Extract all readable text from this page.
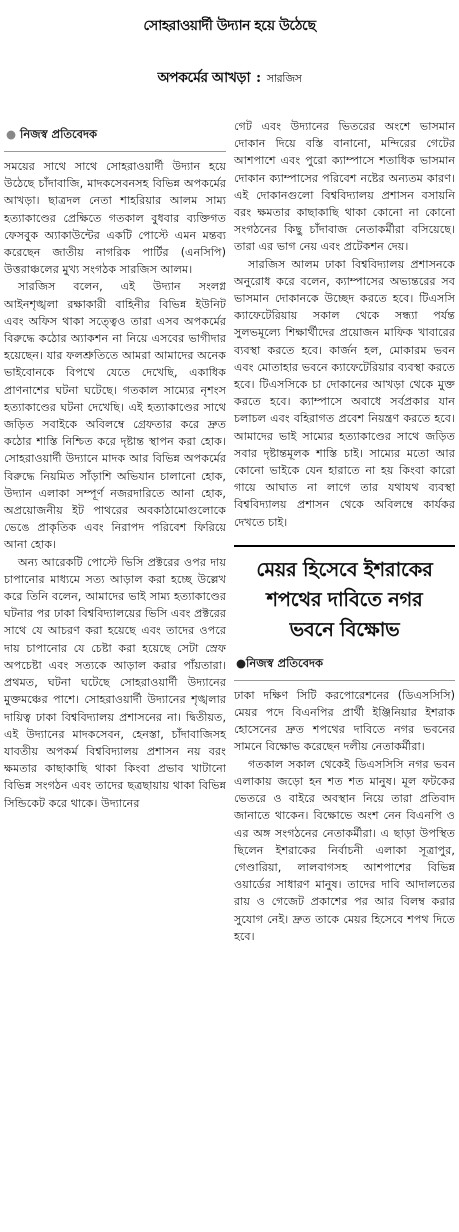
সোহরাওয়ার্দী উদ্যান হয়ে উঠেছে
অপকর্মের আখড়া : সারজিস
● নিজস্ব প্রতিবেদক

সময়ের সাথে সাথে সোহরাওয়ার্দী উদ্যান হয়ে উঠেছে চাঁদাবাজি, মাদকসেবনসহ বিভিন্ন অপকর্মের আখড়া। ছাত্রদল নেতা শাহরিয়ার আলম সাম্য হত্যাকাণ্ডের প্রেক্ষিতে গতকাল বুধবার ব্যক্তিগত ফেসবুক অ্যাকাউন্টের একটি পোস্টে এমন মন্তব্য করেছেন জাতীয় নাগরিক পার্টির (এনসিপি) উত্তরাঞ্চলের মুখ্য সংগঠক সারজিস আলম।

সারজিস বলেন, এই উদ্যান সংলগ্ন আইনশৃঙ্খলা রক্ষাকারী বাহিনীর বিভিন্ন ইউনিট এবং অফিস থাকা সত্ত্বেও তারা এসব অপকর্মের বিরুদ্ধে কঠোর অ্যাকশন না নিয়ে এসবের ভাগীদার হয়েছেন। যার ফলশ্রুতিতে আমরা আমাদের অনেক ভাইবোনকে বিপথে যেতে দেখেছি, একাধিক প্রাণনাশের ঘটনা ঘটেছে। গতকাল সাম্যের নৃশংস হত্যাকাণ্ডের ঘটনা দেখেছি। এই হত্যাকাণ্ডের সাথে জড়িত সবাইকে অবিলম্বে গ্রেফতার করে দ্রুত কঠোর শাস্তি নিশ্চিত করে দৃষ্টান্ত স্থাপন করা হোক। সোহরাওয়ার্দী উদ্যানে মাদক আর বিভিন্ন অপকর্মের বিরুদ্ধে নিয়মিত সাঁড়াশি অভিযান চালানো হোক, উদ্যান এলাকা সম্পূর্ণ নজরদারিতে আনা হোক, অপ্রয়োজনীয় ইট পাথরের অবকাঠামোগুলোকে ভেঙে প্রাকৃতিক এবং নিরাপদ পরিবেশ ফিরিয়ে আনা হোক।

অন্য আরেকটি পোস্টে ভিসি প্রক্টরের ওপর দায় চাপানোর মাধ্যমে সত্য আড়াল করা হচ্ছে উল্লেখ করে তিনি বলেন, আমাদের ভাই সাম্য হত্যাকাণ্ডের ঘটনার পর ঢাকা বিশ্ববিদ্যালয়ের ভিসি এবং প্রক্টরের সাথে যে আচরণ করা হয়েছে এবং তাদের ওপরে দায় চাপানোর যে চেষ্টা করা হয়েছে সেটা স্রেফ অপচেষ্টা এবং সত্যকে আড়াল করার পাঁয়তারা। প্রথমত, ঘটনা ঘটেছে সোহরাওয়ার্দী উদ্যানের মুক্তমঞ্চের পাশে। সোহরাওয়ার্দী উদ্যানের শৃঙ্খলার দায়িত্ব ঢাকা বিশ্ববিদ্যালয় প্রশাসনের না। দ্বিতীয়ত, এই উদ্যানের মাদকসেবন, হেনস্তা, চাঁদাবাজিসহ যাবতীয় অপকর্ম বিশ্ববিদ্যালয় প্রশাসন নয় বরং ক্ষমতার কাছাকাছি থাকা কিংবা প্রভাব খাটানো বিভিন্ন সংগঠন এবং তাদের ছত্রছায়ায় থাকা বিভিন্ন সিন্ডিকেট করে থাকে। উদ্যানের

গেট এবং উদ্যানের ভিতরের অংশে ভাসমান দোকান দিয়ে বস্তি বানানো, মন্দিরের গেটের আশপাশে এবং পুরো ক্যাম্পাসে শতাধিক ভাসমান দোকান ক্যাম্পাসের পরিবেশ নষ্টের অন্যতম কারণ। এই দোকানগুলো বিশ্ববিদ্যালয় প্রশাসন বসায়নি বরং ক্ষমতার কাছাকাছি থাকা কোনো না কোনো সংগঠনের কিছু চাঁদাবাজ নেতাকর্মীরা বসিয়েছে। তারা এর ভাগ নেয় এবং প্রটেকশন দেয়।

সারজিস আলম ঢাকা বিশ্ববিদ্যালয় প্রশাসনকে অনুরোধ করে বলেন, ক্যাম্পাসের অভ্যন্তরের সব ভাসমান দোকানকে উচ্ছেদ করতে হবে। টিএসসি ক্যাফেটেরিয়ায় সকাল থেকে সন্ধ্যা পর্যন্ত সুলভমূল্যে শিক্ষার্থীদের প্রয়োজন মাফিক খাবারের ব্যবস্থা করতে হবে। কার্জন হল, মোকারম ভবন এবং মোতাহার ভবনে ক্যাফেটেরিয়ার ব্যবস্থা করতে হবে। টিএসসিকে চা দোকানের আখড়া থেকে মুক্ত করতে হবে। ক্যাম্পাসে অবাধে সর্বপ্রকার যান চলাচল এবং বহিরাগত প্রবেশ নিয়ন্ত্রণ করতে হবে। আমাদের ভাই সাম্যের হত্যাকাণ্ডের সাথে জড়িত সবার দৃষ্টান্তমূলক শাস্তি চাই। সাম্যের মতো আর কোনো ভাইকে যেন হারাতে না হয় কিংবা কারো গায়ে আঘাত না লাগে তার যথাযথ ব্যবস্থা বিশ্ববিদ্যালয় প্রশাসন থেকে অবিলম্বে কার্যকর দেখতে চাই।

মেয়র হিসেবে ইশরাকের
শপথের দাবিতে নগর
ভবনে বিক্ষোভ
●নিজস্ব প্রতিবেদক

ঢাকা দক্ষিণ সিটি করপোরেশনের (ডিএসসিসি) মেয়র পদে বিএনপির প্রার্থী ইঞ্জিনিয়ার ইশরাক হোসেনের দ্রুত শপথের দাবিতে নগর ভবনের সামনে বিক্ষোভ করেছেন দলীয় নেতাকর্মীরা।

গতকাল সকাল থেকেই ডিএসসিসি নগর ভবন এলাকায় জড়ো হন শত শত মানুষ। মূল ফটকের ভেতরে ও বাইরে অবস্থান নিয়ে তারা প্রতিবাদ জানাতে থাকেন। বিক্ষোভে অংশ নেন বিএনপি ও এর অঙ্গ সংগঠনের নেতাকর্মীরা। এ ছাড়া উপস্থিত ছিলেন ইশরাকের নির্বাচনী এলাকা সূত্রাপুর, গেণ্ডারিয়া, লালবাগসহ আশপাশের বিভিন্ন ওয়ার্ডের সাধারণ মানুষ। তাদের দাবি আদালতের রায় ও গেজেট প্রকাশের পর আর বিলম্ব করার সুযোগ নেই। দ্রুত তাকে মেয়র হিসেবে শপথ দিতে হবে।
